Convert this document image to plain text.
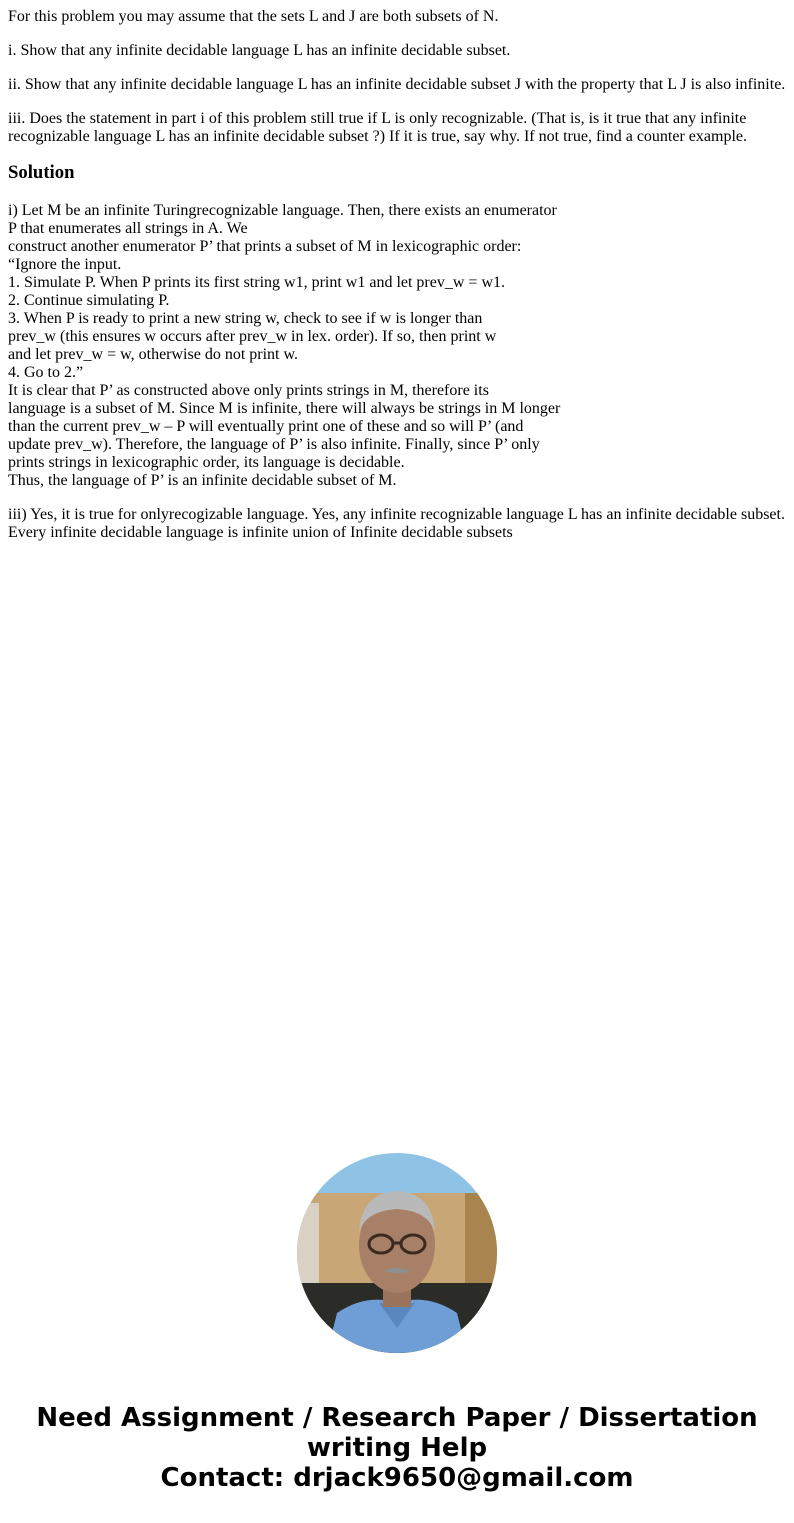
For this problem you may assume that the sets L and J are both subsets of N.

i. Show that any infinite decidable language L has an infinite decidable subset.

ii. Show that any infinite decidable language L has an infinite decidable subset J with the property that L J is also infinite.

iii. Does the statement in part i of this problem still true if L is only recognizable. (That is, is it true that any infinite recognizable language L has an infinite decidable subset ?) If it is true, say why. If not true, find a counter example.

Solution
i) Let M be an infinite Turingrecognizable language. Then, there exists an enumerator
P that enumerates all strings in A. We
construct another enumerator P’ that prints a subset of M in lexicographic order:
“Ignore the input.
1. Simulate P. When P prints its first string w1, print w1 and let prev_w = w1.
2. Continue simulating P.
3. When P is ready to print a new string w, check to see if w is longer than
prev_w (this ensures w occurs after prev_w in lex. order). If so, then print w
and let prev_w = w, otherwise do not print w.
4. Go to 2.”
It is clear that P’ as constructed above only prints strings in M, therefore its
language is a subset of M. Since M is infinite, there will always be strings in M longer
than the current prev_w – P will eventually print one of these and so will P’ (and
update prev_w). Therefore, the language of P’ is also infinite. Finally, since P’ only
prints strings in lexicographic order, its language is decidable.
Thus, the language of P’ is an infinite decidable subset of M.
iii) Yes, it is true for onlyrecogizable language. Yes, any infinite recognizable language L has an infinite decidable subset.
Every infinite decidable language is infinite union of Infinite decidable subsets
Need Assignment / Research Paper / Dissertation
writing Help
Contact: drjack9650@gmail.com
